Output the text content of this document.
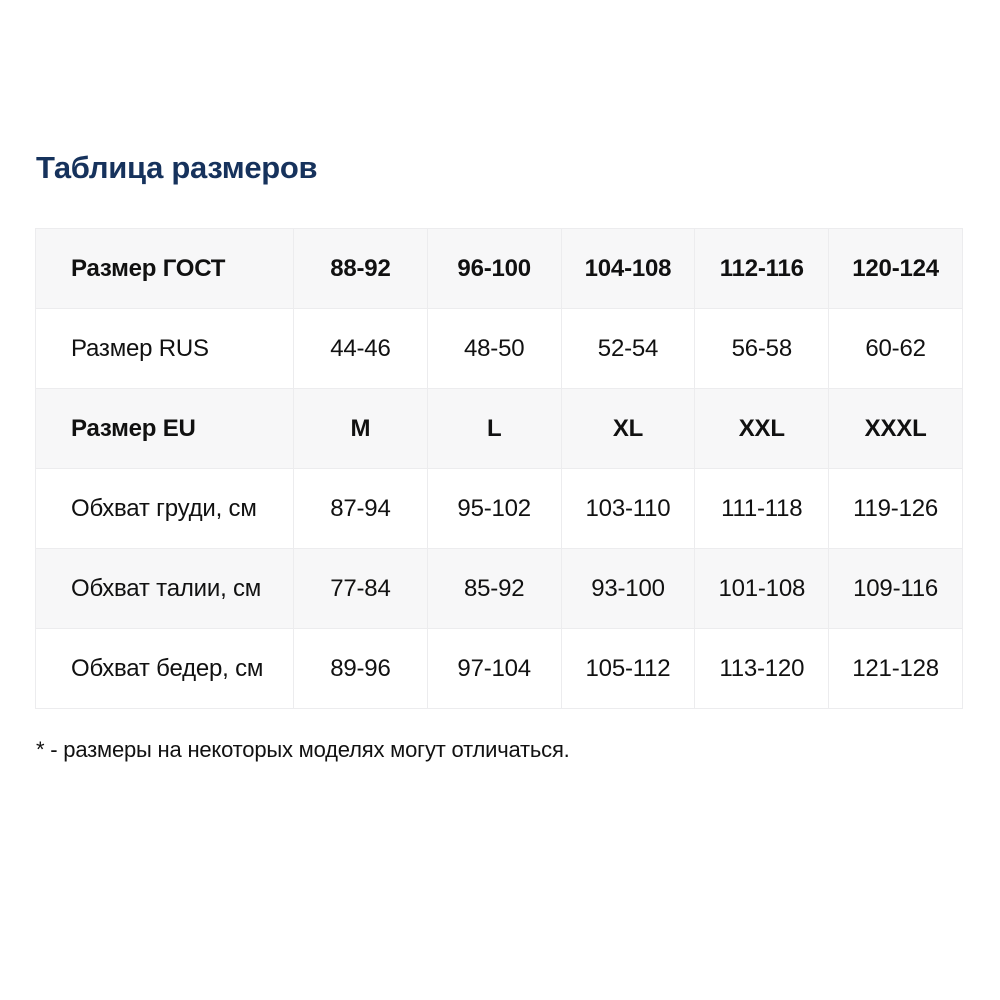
Таблица размеров
Размер ГОСТ	88-92	96-100	104-108	112-116	120-124
Размер RUS	44-46	48-50	52-54	56-58	60-62
Размер EU	M	L	XL	XXL	XXXL
Обхват груди, см	87-94	95-102	103-110	111-118	119-126
Обхват талии, см	77-84	85-92	93-100	101-108	109-116
Обхват бедер, см	89-96	97-104	105-112	113-120	121-128
* - размеры на некоторых моделях могут отличаться.
